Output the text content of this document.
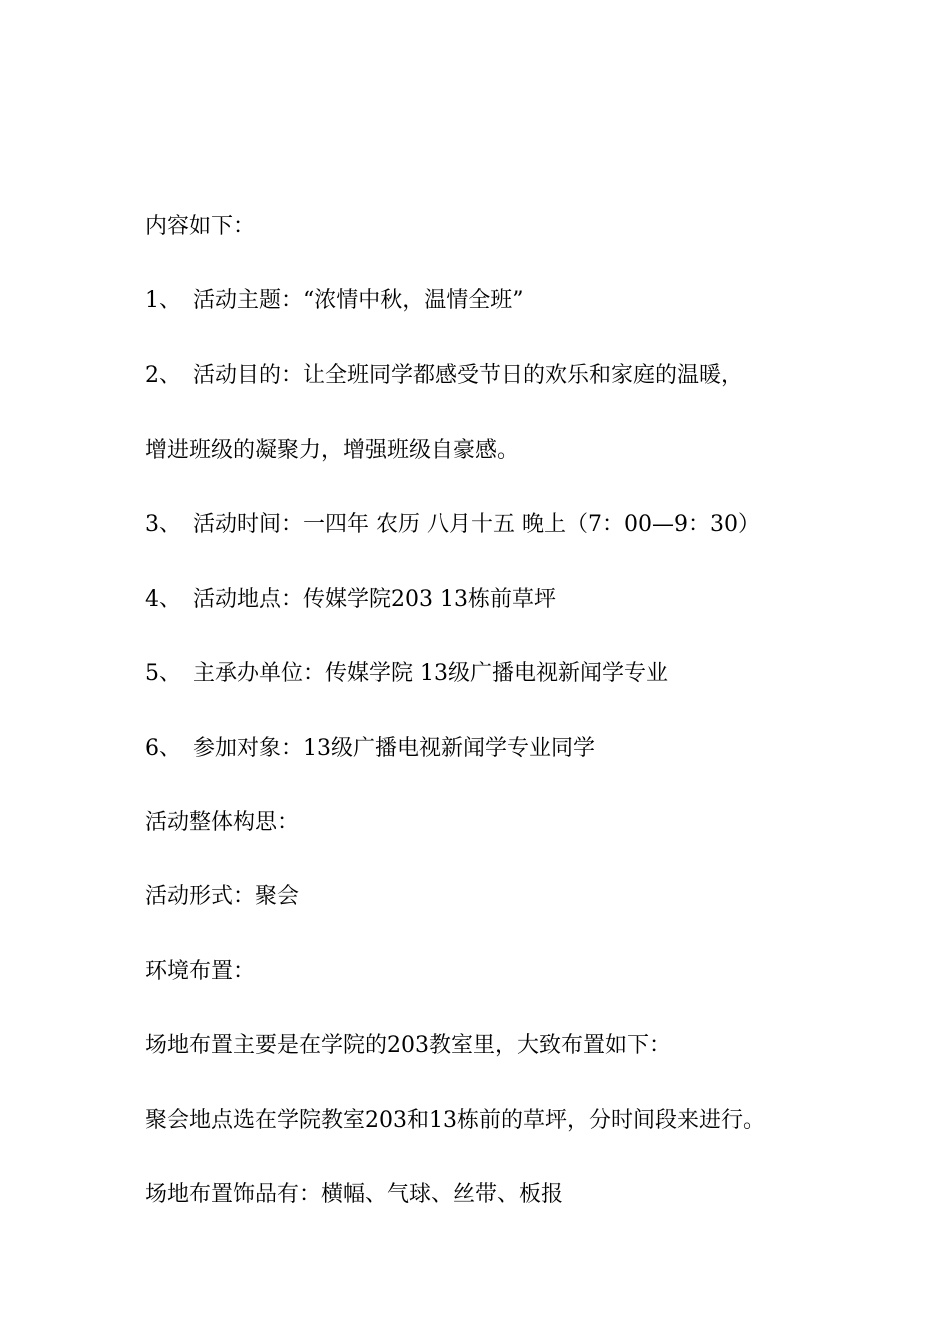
内容如下：
1、 活动主题：“浓情中秋，温情全班”
2、 活动目的：让全班同学都感受节日的欢乐和家庭的温暖，
增进班级的凝聚力，增强班级自豪感。
3、 活动时间：一四年 农历 八月十五 晚上（7：00—9：30）
4、 活动地点：传媒学院203 13栋前草坪
5、 主承办单位：传媒学院 13级广播电视新闻学专业
6、 参加对象：13级广播电视新闻学专业同学
活动整体构思：
活动形式：聚会
环境布置：
场地布置主要是在学院的203教室里，大致布置如下：
聚会地点选在学院教室203和13栋前的草坪，分时间段来进行。
场地布置饰品有：横幅、气球、丝带、板报
